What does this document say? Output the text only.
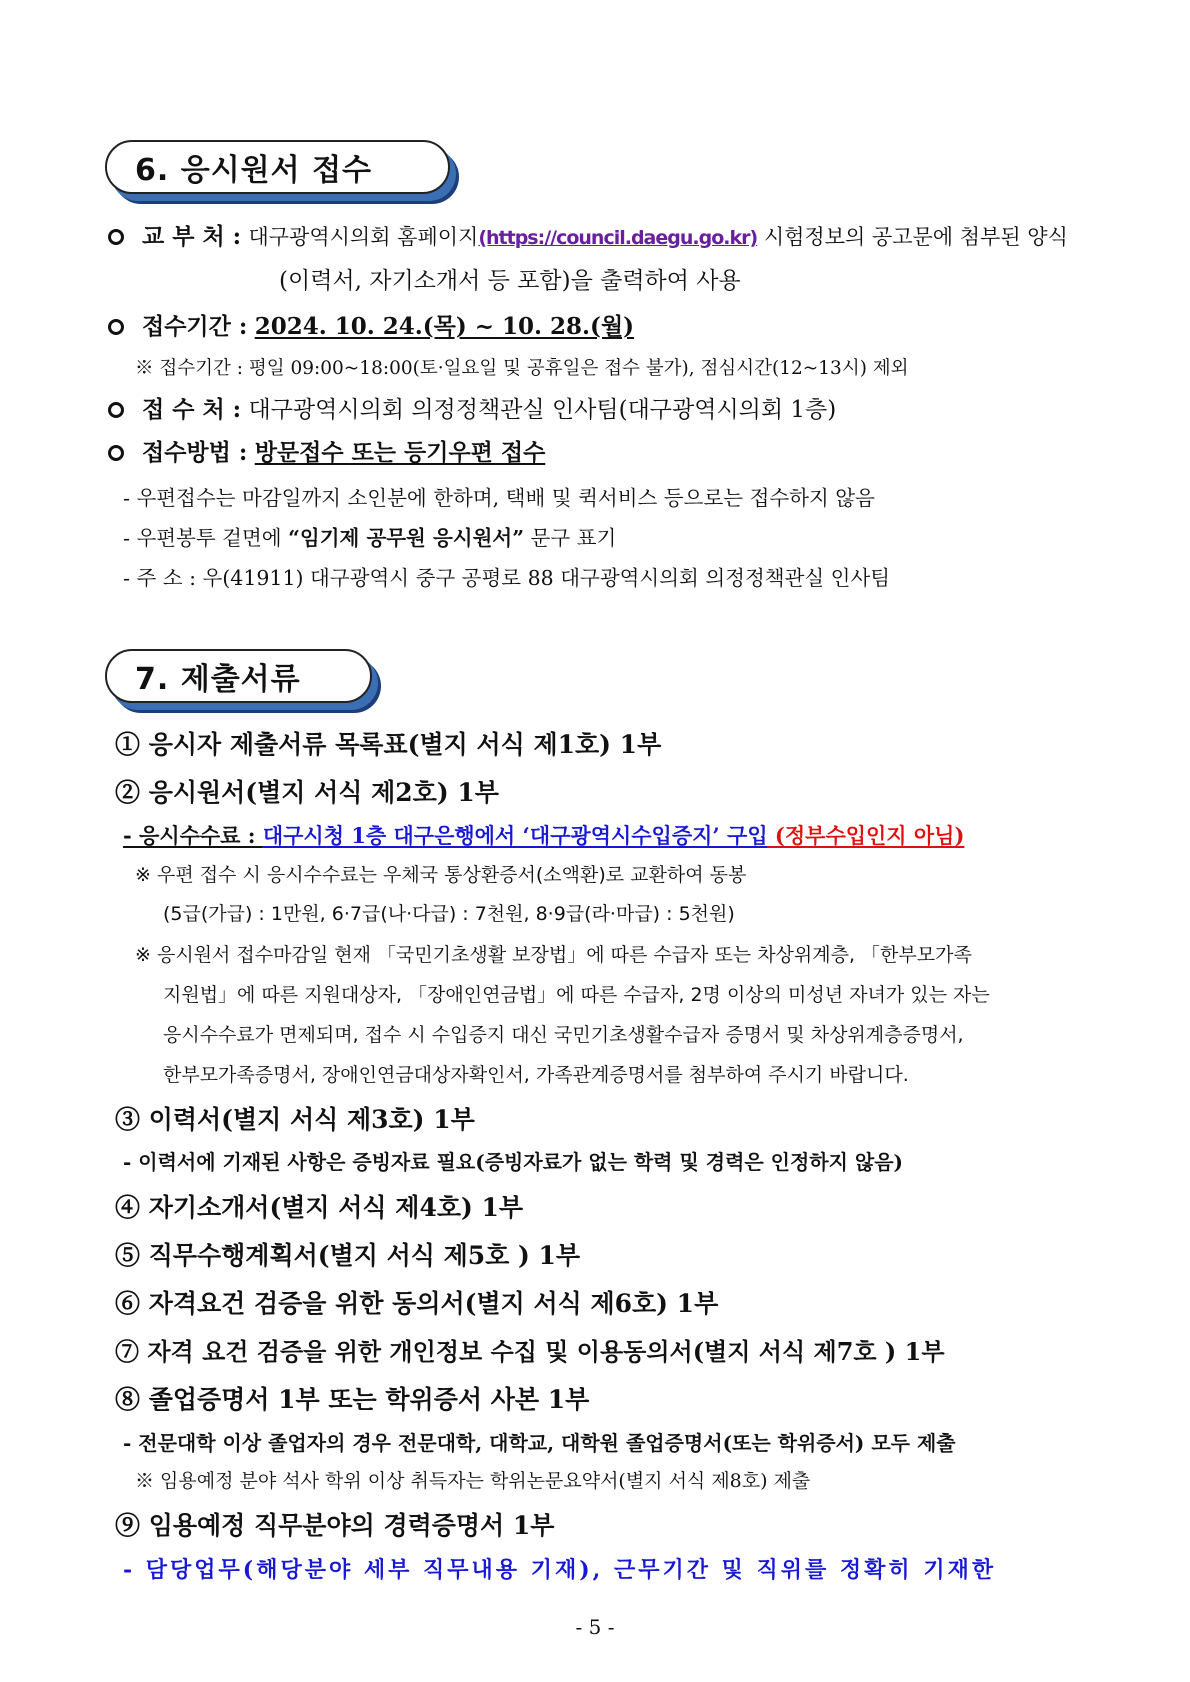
6. 응시원서 접수
교 부 처 : 대구광역시의회 홈페이지(https://council.daegu.go.kr) 시험정보의 공고문에 첨부된 양식
(이력서, 자기소개서 등 포함)을 출력하여 사용
접수기간 : 2024. 10. 24.(목) ~ 10. 28.(월)
※ 접수기간 : 평일 09:00~18:00(토·일요일 및 공휴일은 접수 불가), 점심시간(12~13시) 제외
접 수 처 : 대구광역시의회 의정정책관실 인사팀(대구광역시의회 1층)
접수방법 : 방문접수 또는 등기우편 접수
- 우편접수는 마감일까지 소인분에 한하며, 택배 및 퀵서비스 등으로는 접수하지 않음
- 우편봉투 겉면에 “임기제 공무원 응시원서” 문구 표기
- 주 소 : 우(41911) 대구광역시 중구 공평로 88 대구광역시의회 의정정책관실 인사팀
7. 제출서류
① 응시자 제출서류 목록표(별지 서식 제1호) 1부
② 응시원서(별지 서식 제2호) 1부
- 응시수수료 : 대구시청 1층 대구은행에서 ‘대구광역시수입증지’ 구입 (정부수입인지 아님)
※ 우편 접수 시 응시수수료는 우체국 통상환증서(소액환)로 교환하여 동봉
(5급(가급) : 1만원, 6·7급(나·다급) : 7천원, 8·9급(라·마급) : 5천원)
※ 응시원서 접수마감일 현재 「국민기초생활 보장법」에 따른 수급자 또는 차상위계층, 「한부모가족
지원법」에 따른 지원대상자, 「장애인연금법」에 따른 수급자, 2명 이상의 미성년 자녀가 있는 자는
응시수수료가 면제되며, 접수 시 수입증지 대신 국민기초생활수급자 증명서 및 차상위계층증명서,
한부모가족증명서, 장애인연금대상자확인서, 가족관계증명서를 첨부하여 주시기 바랍니다.
③ 이력서(별지 서식 제3호) 1부
- 이력서에 기재된 사항은 증빙자료 필요(증빙자료가 없는 학력 및 경력은 인정하지 않음)
④ 자기소개서(별지 서식 제4호) 1부
⑤ 직무수행계획서(별지 서식 제5호 ) 1부
⑥ 자격요건 검증을 위한 동의서(별지 서식 제6호) 1부
⑦ 자격 요건 검증을 위한 개인정보 수집 및 이용동의서(별지 서식 제7호 ) 1부
⑧ 졸업증명서 1부 또는 학위증서 사본 1부
- 전문대학 이상 졸업자의 경우 전문대학, 대학교, 대학원 졸업증명서(또는 학위증서) 모두 제출
※ 임용예정 분야 석사 학위 이상 취득자는 학위논문요약서(별지 서식 제8호) 제출
⑨ 임용예정 직무분야의 경력증명서 1부
- 담당업무(해당분야 세부 직무내용 기재), 근무기간 및 직위를 정확히 기재한
- 5 -
